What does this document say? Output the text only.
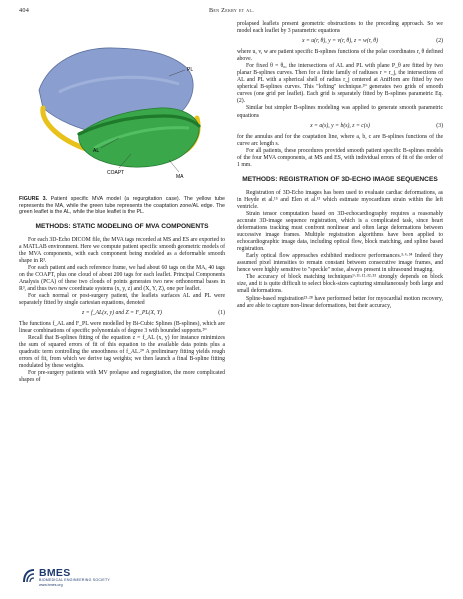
404	Ben Zekry et al.
PL
AL
COAPT
MA
FIGURE 3. Patient specific MVA model (a regurgitation case). The yellow tube represents the MA, while the green tube represents the coaptation zone/AL edge. The green leaflet is the AL, while the blue leaflet is the PL.
METHODS: STATIC MODELING OF MVA COMPONENTS

For each 3D-Echo DICOM file, the MVA tags recorded at MS and ES are exported to a MATLAB environment. Here we compute patient specific smooth geometric models of the MVA components, with each component being modeled as a deformable smooth shape in R³.

For each patient and each reference frame, we had about 60 tags on the MA, 40 tags on the COAPT, plus one cloud of about 200 tags for each leaflet. Principal Components Analysis (PCA) of these two clouds of points generates two new orthonormal bases in R³, and thus two new coordinate systems (x, y, z) and (X, Y, Z), one per leaflet.

For each normal or post-surgery patient, the leaflets surfaces AL and PL were separately fitted by single cartesian equations, denoted

z = f_AL(x, y) and Z = F_PL(X, Y)	(1)

The functions f_AL and F_PL were modelled by Bi-Cubic Splines (B-splines), which are linear combinations of specific polynomials of degree 3 with bounded supports.²⁰

Recall that B-splines fitting of the equation z = f_AL (x, y) for instance minimizes the sum of squared errors of fit of this equation to the available data points plus a quadratic term controlling the smoothness of f_AL.²⁰ A preliminary fitting yields rough errors of fit, from which we derive tag weights; we then launch a final B-spline fitting modulated by these weights.

For pre-surgery patients with MV prolapse and regurgitation, the more complicated shapes of

prolapsed leaflets present geometric obstructions to the preceding approach. So we model each leaflet by 3 parametric equations

x = u(r, θ), y = v(r, θ), z = w(r, θ)	(2)

where u, v, w are patient specific B-splines functions of the polar coordinates r, θ defined above.

For fixed θ = θ₀, the intersections of AL and PL with plane P_θ are fitted by two planar B-splines curves. Then for a finite family of radiuses r = r_j, the intersections of AL and PL with a spherical shell of radius r_j centered at AntHorn are fitted by two spherical B-splines curves. This "lofting" technique.²⁰ generates two grids of smooth curves (one grid per leaflet). Each grid is separately fitted by B-splines parametric Eq. (2).

Similar but simpler B-splines modeling was applied to generate smooth parametric equations

x = a(s), y = b(s), z = c(s)	(3)

for the annulus and for the coaptation line, where a, b, c are B-splines functions of the curve arc length s.

For all patients, these procedures provided smooth patient specific B-splines models of the four MVA components, at MS and ES, with individual errors of fit of the order of 1 mm.

METHODS: REGISTRATION OF 3D-ECHO IMAGE SEQUENCES

Registration of 3D-Echo images has been used to evaluate cardiac deformations, as in Heyde et al.¹⁵ and Elen et al.¹³ which estimate myocardium strain within the left ventricle.

Strain tensor computation based on 3D-echocardiography requires a reasonably accurate 3D-image sequence registration, which is a complicated task, since heart deformations tracking must confront nonlinear and often large deformations between successive image frames. Multiple registration algorithms have been applied to echocardiographic image data, including optical flow, block matching, and spline based registration.

Early optical flow approaches exhibited mediocre performances.³·⁶·³⁴ Indeed they assumed pixel intensities to remain constant between consecutive image frames, and hence were highly sensitive to "speckle" noise, always present in ultrasound imaging.

The accuracy of block matching techniques⁹·¹¹·¹²·³²·³³ strongly depends on block size, and it is quite difficult to select block-sizes capturing simultaneously both large and small deformations.

Spline-based registration²³·²⁸ have performed better for myocardial motion recovery, and are able to capture non-linear deformations, but their accuracy,

BMES
BIOMEDICAL ENGINEERING SOCIETY
www.bmes.org
